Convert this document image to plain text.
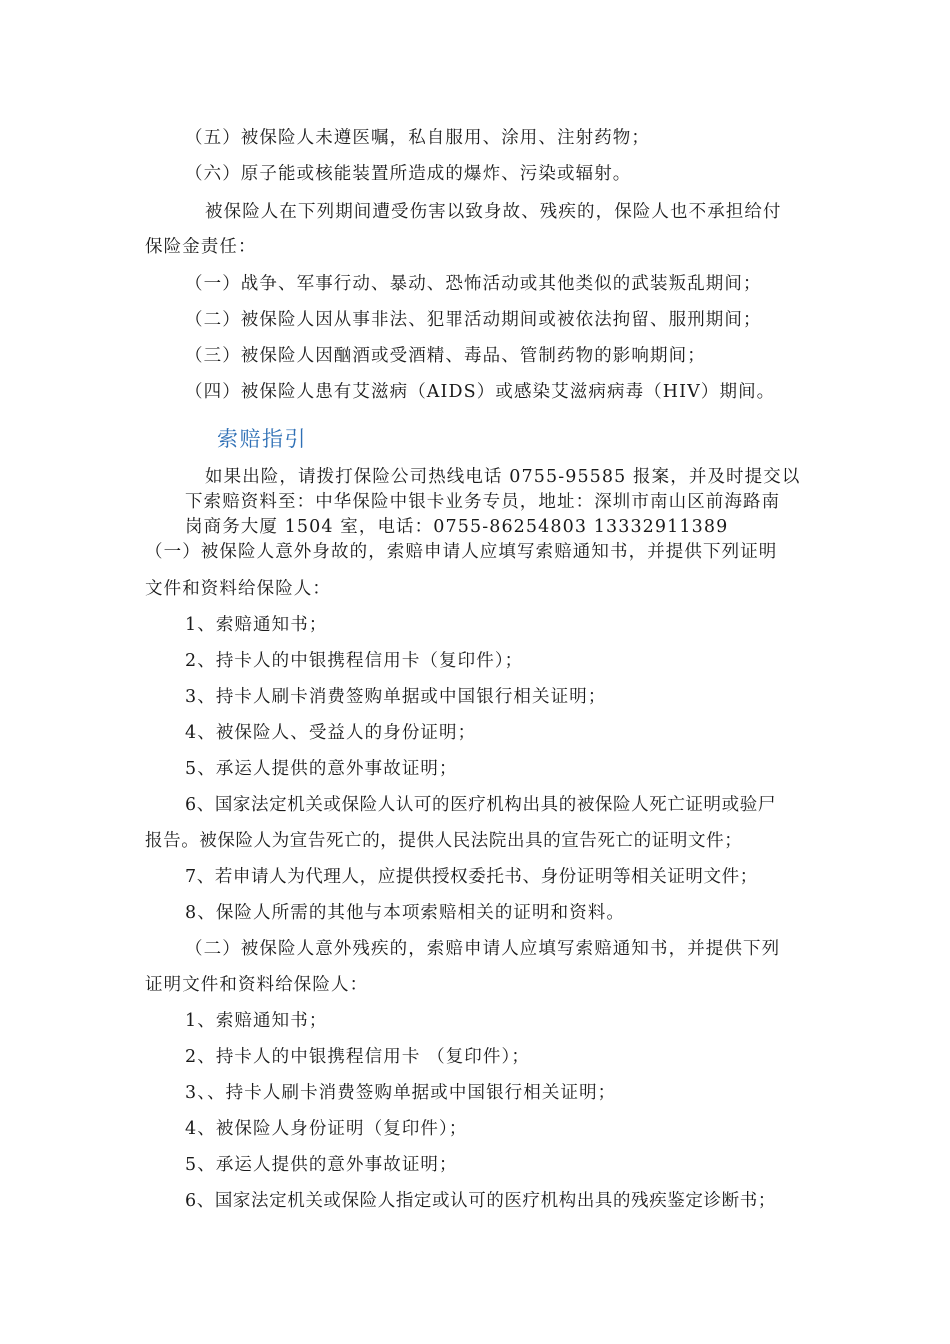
（五）被保险人未遵医嘱，私自服用、涂用、注射药物；
（六）原子能或核能装置所造成的爆炸、污染或辐射。
被保险人在下列期间遭受伤害以致身故、残疾的，保险人也不承担给付
保险金责任：
（一）战争、军事行动、暴动、恐怖活动或其他类似的武装叛乱期间；
（二）被保险人因从事非法、犯罪活动期间或被依法拘留、服刑期间；
（三）被保险人因酗酒或受酒精、毒品、管制药物的影响期间；
（四）被保险人患有艾滋病（AIDS）或感染艾滋病病毒（HIV）期间。
索赔指引
如果出险，请拨打保险公司热线电话 0755-95585 报案，并及时提交以
下索赔资料至：中华保险中银卡业务专员，地址：深圳市南山区前海路南
岗商务大厦 1504 室，电话：0755-86254803 13332911389
（一）被保险人意外身故的，索赔申请人应填写索赔通知书，并提供下列证明
文件和资料给保险人：
1、索赔通知书；
2、持卡人的中银携程信用卡（复印件）；
3、持卡人刷卡消费签购单据或中国银行相关证明；
4、被保险人、受益人的身份证明；
5、承运人提供的意外事故证明；
6、国家法定机关或保险人认可的医疗机构出具的被保险人死亡证明或验尸
报告。被保险人为宣告死亡的，提供人民法院出具的宣告死亡的证明文件；
7、若申请人为代理人，应提供授权委托书、身份证明等相关证明文件；
8、保险人所需的其他与本项索赔相关的证明和资料。
（二）被保险人意外残疾的，索赔申请人应填写索赔通知书，并提供下列
证明文件和资料给保险人：
1、索赔通知书；
2、持卡人的中银携程信用卡 （复印件）；
3、、持卡人刷卡消费签购单据或中国银行相关证明；
4、被保险人身份证明（复印件）；
5、承运人提供的意外事故证明；
6、国家法定机关或保险人指定或认可的医疗机构出具的残疾鉴定诊断书；
